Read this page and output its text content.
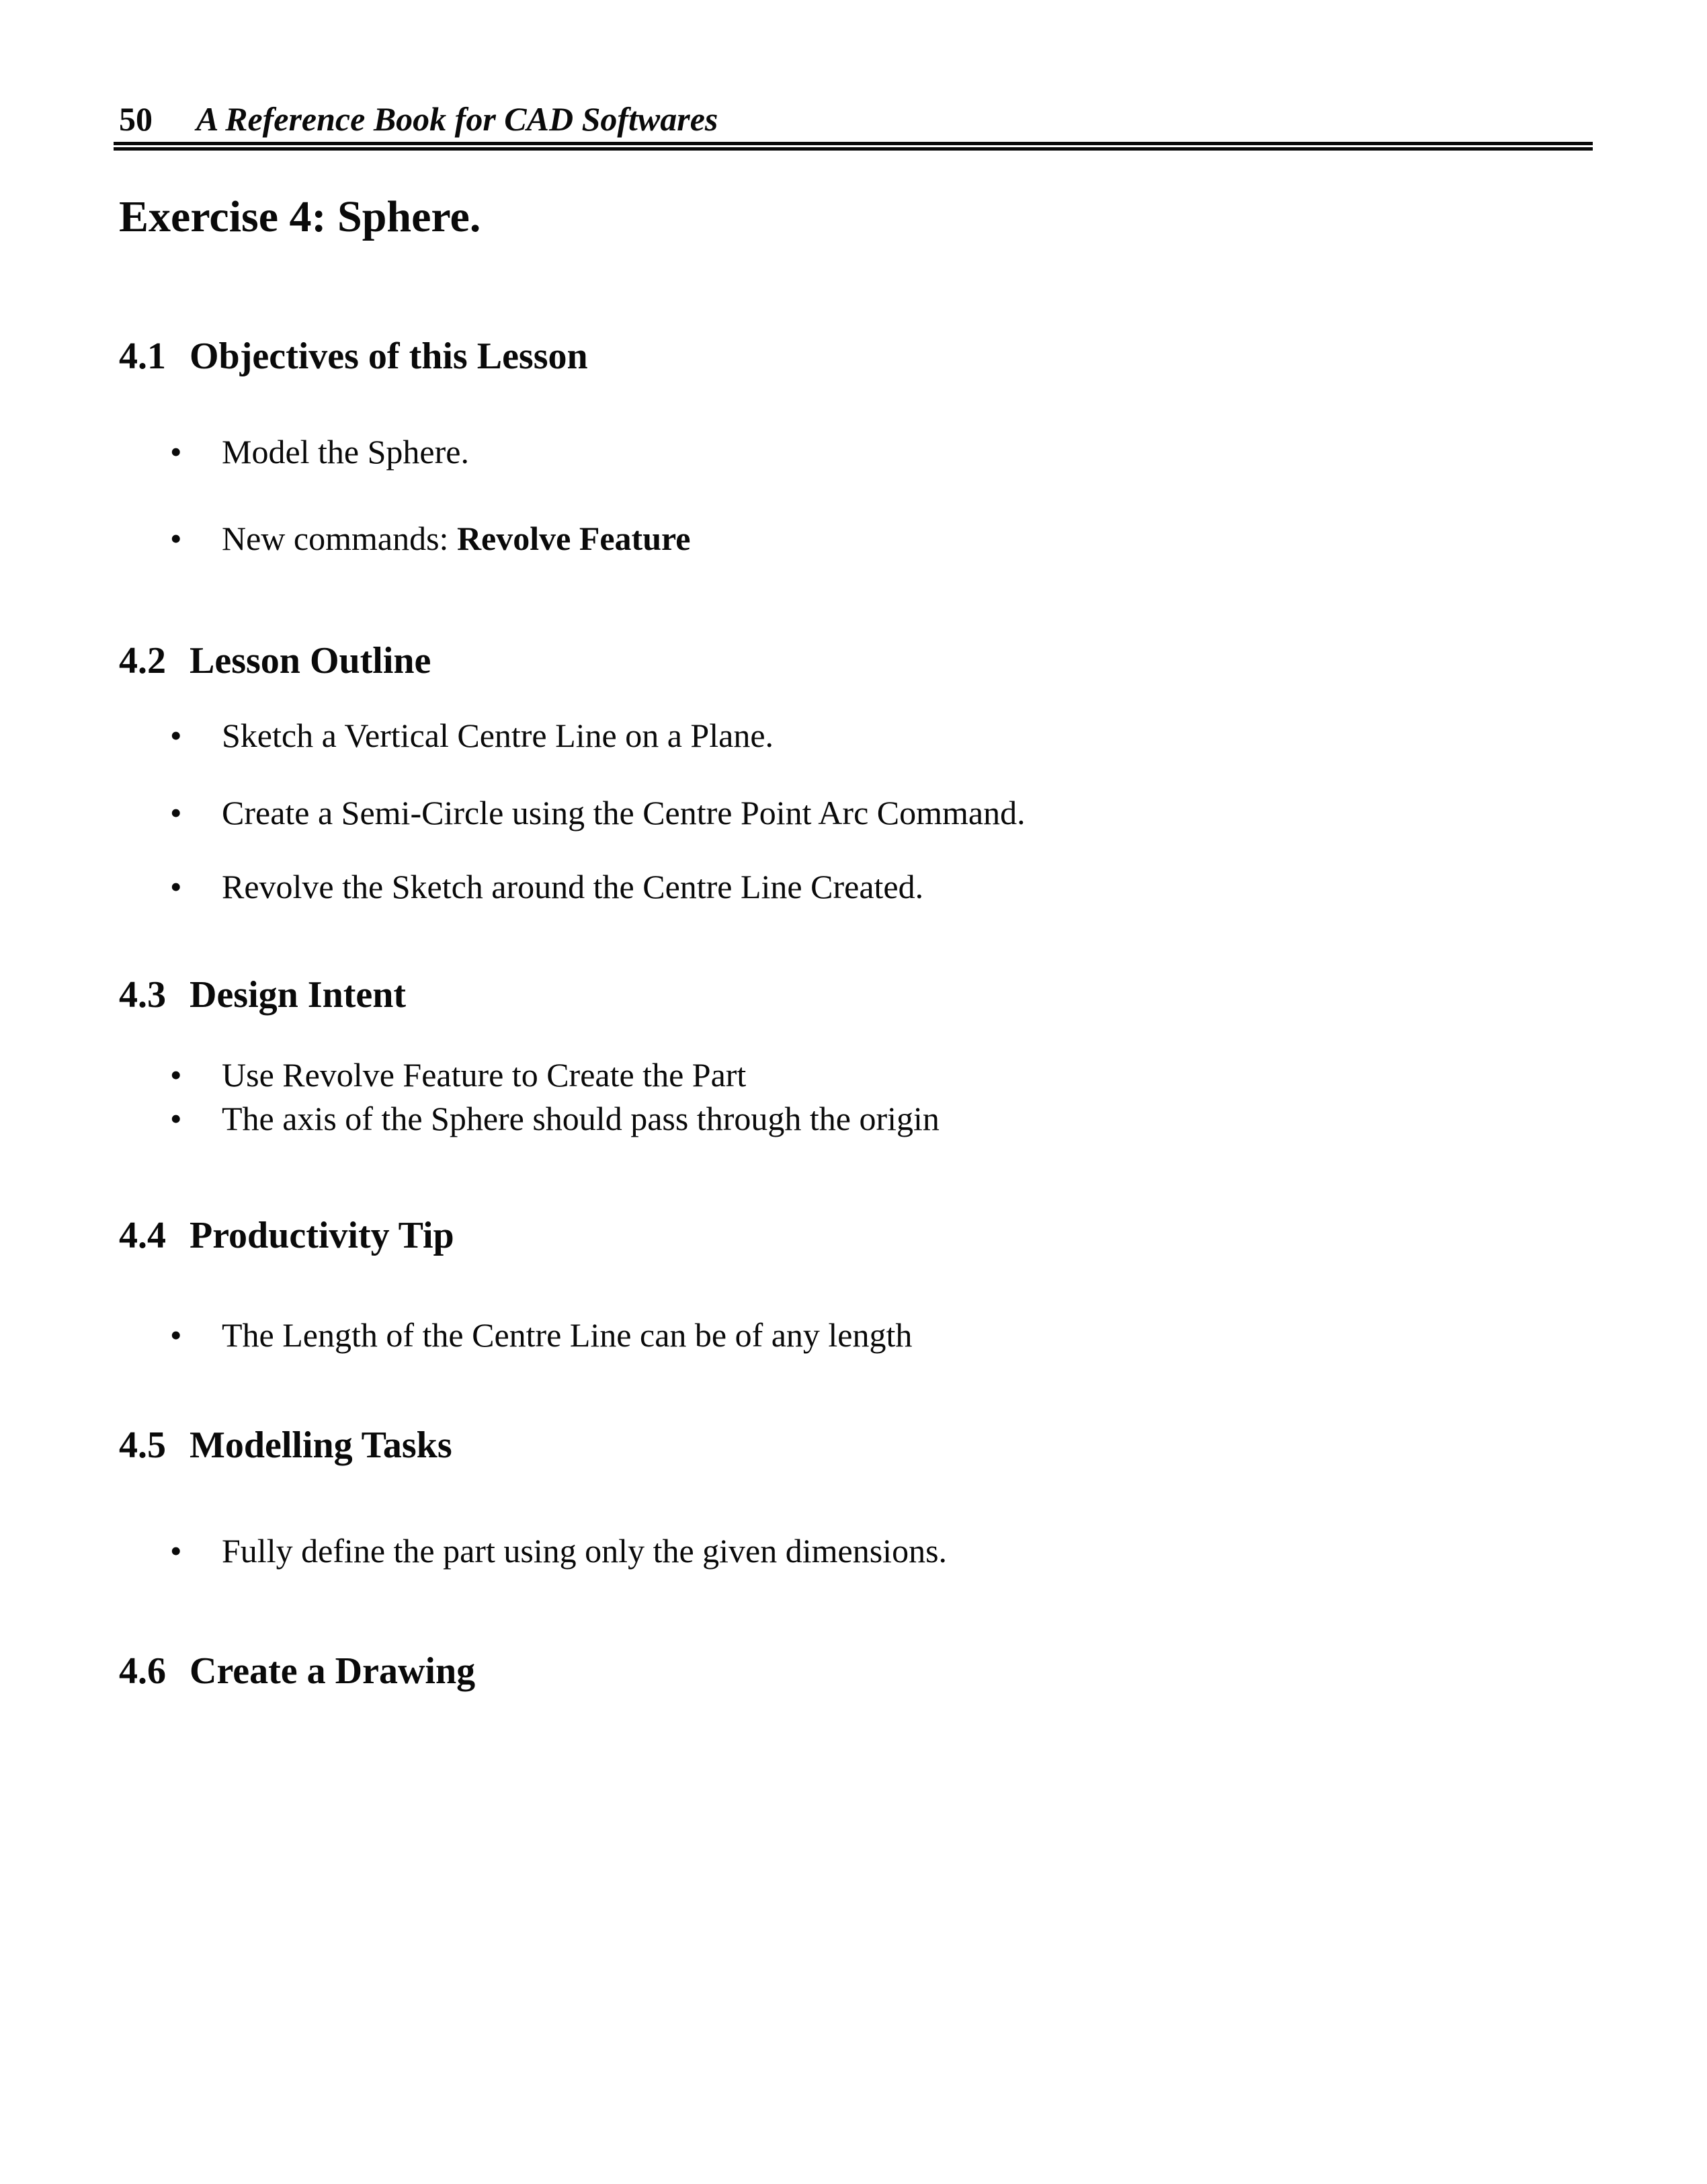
50 A Reference Book for CAD Softwares
Exercise 4: Sphere.
4.1 Objectives of this Lesson
• Model the Sphere.
• New commands: Revolve Feature
4.2 Lesson Outline
• Sketch a Vertical Centre Line on a Plane.
• Create a Semi-Circle using the Centre Point Arc Command.
• Revolve the Sketch around the Centre Line Created.
4.3 Design Intent
• Use Revolve Feature to Create the Part
• The axis of the Sphere should pass through the origin
4.4 Productivity Tip
• The Length of the Centre Line can be of any length
4.5 Modelling Tasks
• Fully define the part using only the given dimensions.
4.6 Create a Drawing
